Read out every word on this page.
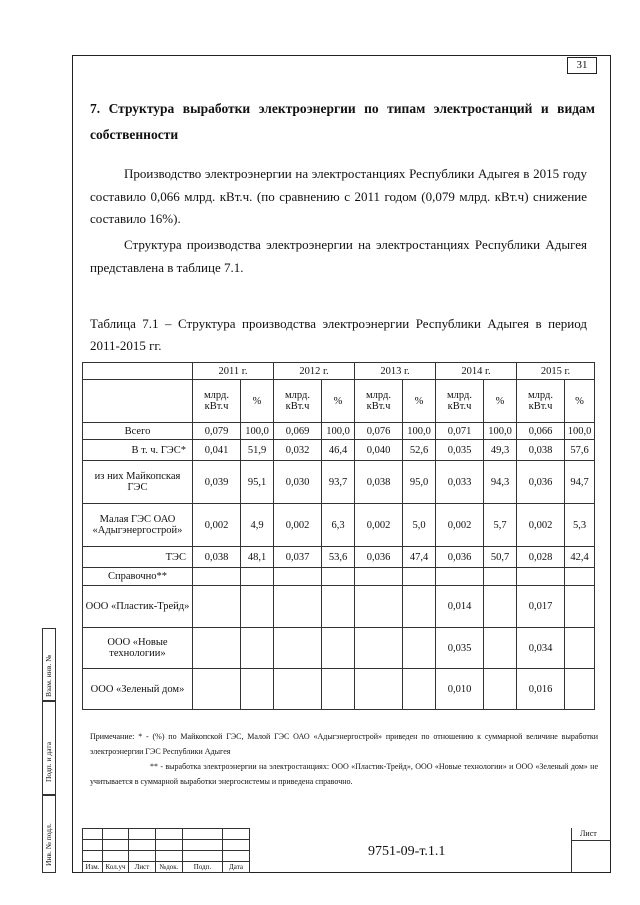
31
7. Структура выработки электроэнергии по типам электростанций и видам собственности

Производство электроэнергии на электростанциях Республики Адыгея в 2015 году составило 0,066 млрд. кВт.ч. (по сравнению с 2011 годом (0,079 млрд. кВт.ч) снижение составило 16%).

Структура производства электроэнергии на электростанциях Республики Адыгея представлена в таблице 7.1.

Таблица 7.1 – Структура производства электроэнергии Республики Адыгея в период 2011-2015 гг.
	2011 г.		2012 г.		2013 г.		2014 г.		2015 г.	
	млрд. кВт.ч	%	млрд. кВт.ч	%	млрд. кВт.ч	%	млрд. кВт.ч	%	млрд. кВт.ч	%
Всего	0,079	100,0	0,069	100,0	0,076	100,0	0,071	100,0	0,066	100,0
В т. ч. ГЭС*	0,041	51,9	0,032	46,4	0,040	52,6	0,035	49,3	0,038	57,6
из них Майкопская ГЭС	0,039	95,1	0,030	93,7	0,038	95,0	0,033	94,3	0,036	94,7
Малая ГЭС ОАО «Адыгэнергострой»	0,002	4,9	0,002	6,3	0,002	5,0	0,002	5,7	0,002	5,3
ТЭС	0,038	48,1	0,037	53,6	0,036	47,4	0,036	50,7	0,028	42,4
Справочно**										
ООО «Пластик-Трейд»							0,014		0,017	
ООО «Новые технологии»							0,035		0,034	
ООО «Зеленый дом»							0,010		0,016	

Примечание: * - (%) по Майкопской ГЭС, Малой ГЭС ОАО «Адыгэнергострой» приведен по отношению к суммарной величине выработки электроэнергии ГЭС Республики Адыгея

** - выработка электроэнергии на электростанциях: ООО «Пластик-Трейд», ООО «Новые технологии» и ООО «Зеленый дом» не учитывается в суммарной выработки энергосистемы и приведена справочно.

Взам. инв. №
Подп. и дата
Инв. № подл.

Изм.	Кол.уч	Лист	№док.	Подп.	Дата
Лист
9751-09-т.1.1
